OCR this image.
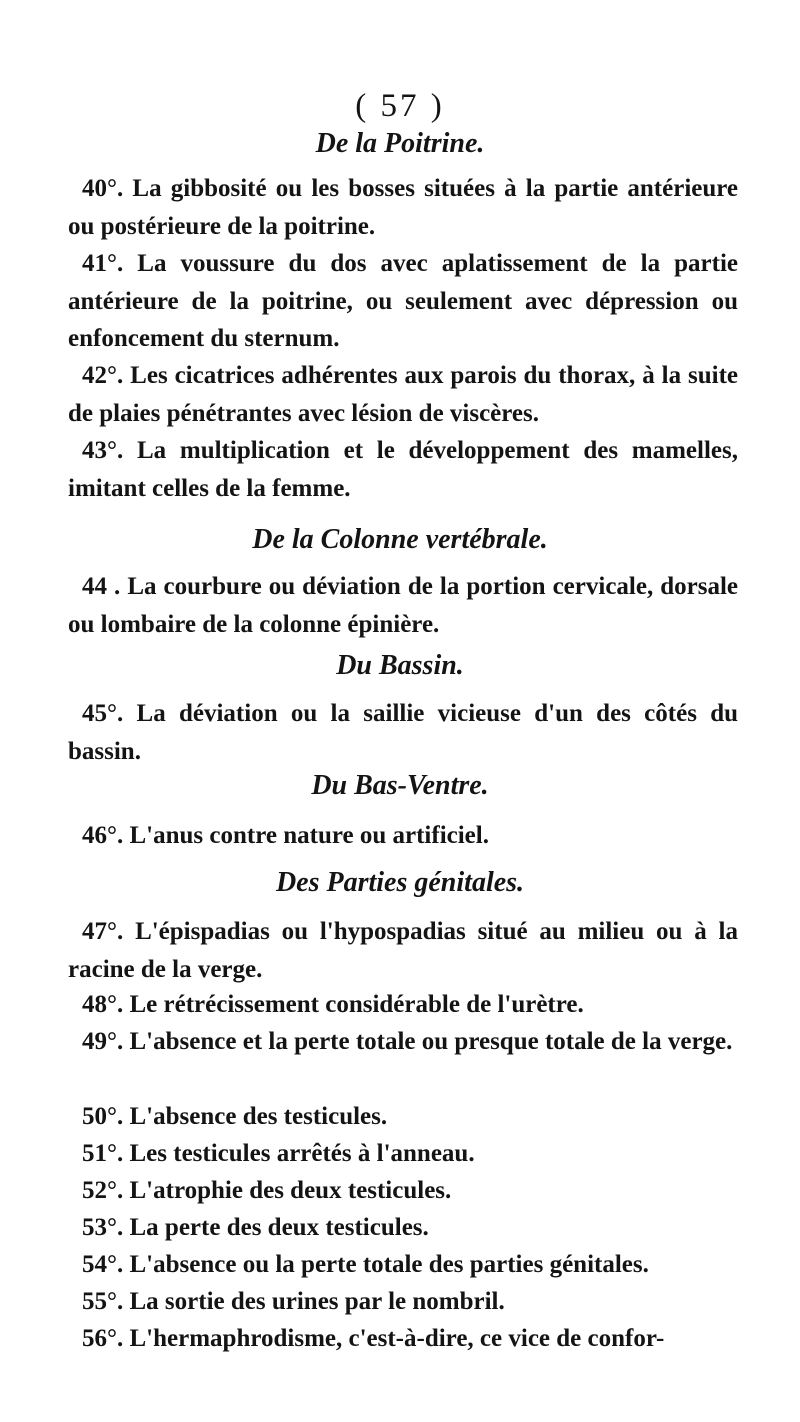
( 57 )
De la Poitrine.

40°. La gibbosité ou les bosses situées à la partie antérieure ou postérieure de la poitrine.

41°. La voussure du dos avec aplatissement de la partie antérieure de la poitrine, ou seulement avec dépression ou enfoncement du sternum.

42°. Les cicatrices adhérentes aux parois du thorax, à la suite de plaies pénétrantes avec lésion de viscères.

43°. La multiplication et le développement des mamelles, imitant celles de la femme.

De la Colonne vertébrale.

44 . La courbure ou déviation de la portion cervicale, dorsale ou lombaire de la colonne épinière.

Du Bassin.

45°. La déviation ou la saillie vicieuse d'un des côtés du bassin.

Du Bas-Ventre.

46°. L'anus contre nature ou artificiel.

Des Parties génitales.

47°. L'épispadias ou l'hypospadias situé au milieu ou à la racine de la verge.

48°. Le rétrécissement considérable de l'urètre.

49°. L'absence et la perte totale ou presque totale de la verge.

50°. L'absence des testicules.

51°. Les testicules arrêtés à l'anneau.

52°. L'atrophie des deux testicules.

53°. La perte des deux testicules.

54°. L'absence ou la perte totale des parties génitales.

55°. La sortie des urines par le nombril.

56°. L'hermaphrodisme, c'est-à-dire, ce vice de confor-
